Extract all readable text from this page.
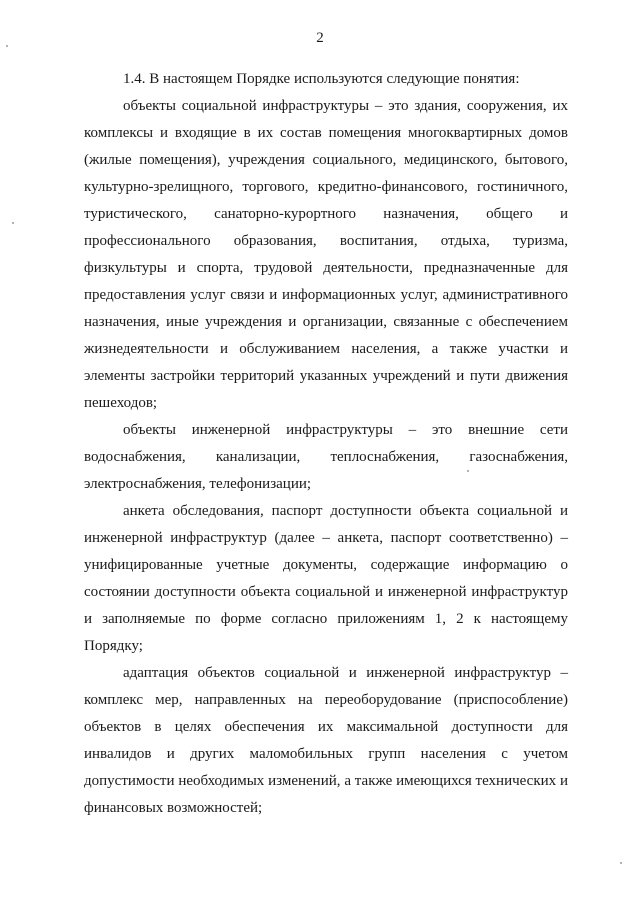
2
1.4. В настоящем Порядке используются следующие понятия:
объекты социальной инфраструктуры – это здания, сооружения, их
комплексы и входящие в их состав помещения многоквартирных домов
(жилые помещения), учреждения социального, медицинского, бытового,
культурно-зрелищного, торгового, кредитно-финансового, гостиничного,
туристического, санаторно-курортного назначения, общего и
профессионального образования, воспитания, отдыха, туризма,
физкультуры и спорта, трудовой деятельности, предназначенные для
предоставления услуг связи и информационных услуг, административного
назначения, иные учреждения и организации, связанные с обеспечением
жизнедеятельности и обслуживанием населения, а также участки и
элементы застройки территорий указанных учреждений и пути движения
пешеходов;
объекты инженерной инфраструктуры – это внешние сети
водоснабжения, канализации, теплоснабжения, газоснабжения,
электроснабжения, телефонизации;
анкета обследования, паспорт доступности объекта социальной и
инженерной инфраструктур (далее – анкета, паспорт соответственно) –
унифицированные учетные документы, содержащие информацию о
состоянии доступности объекта социальной и инженерной инфраструктур
и заполняемые по форме согласно приложениям 1, 2 к настоящему
Порядку;
адаптация объектов социальной и инженерной инфраструктур –
комплекс мер, направленных на переоборудование (приспособление)
объектов в целях обеспечения их максимальной доступности для
инвалидов и других маломобильных групп населения с учетом
допустимости необходимых изменений, а также имеющихся технических и
финансовых возможностей;
